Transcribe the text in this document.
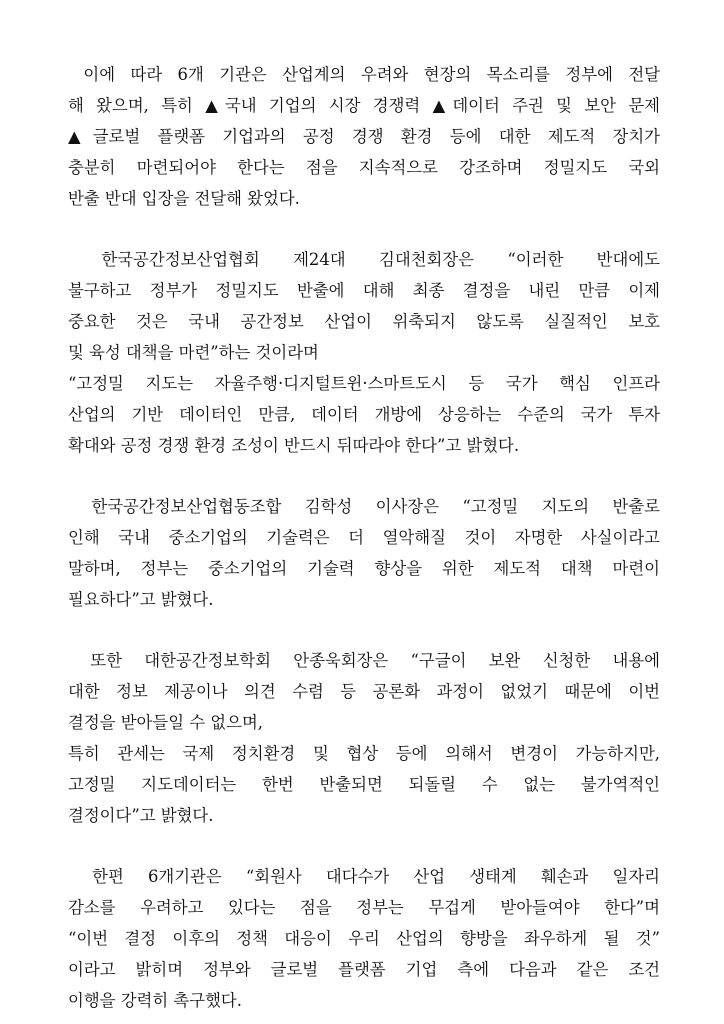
이에 따라 6개 기관은 산업계의 우려와 현장의 목소리를 정부에 전달
해 왔으며, 특히 ▲국내 기업의 시장 경쟁력 ▲데이터 주권 및 보안 문제
▲글로벌 플랫폼 기업과의 공정 경쟁 환경 등에 대한 제도적 장치가
충분히 마련되어야 한다는 점을 지속적으로 강조하며 정밀지도 국외
반출 반대 입장을 전달해 왔었다.
한국공간정보산업협회 제24대 김대천회장은 “이러한 반대에도
불구하고 정부가 정밀지도 반출에 대해 최종 결정을 내린 만큼 이제
중요한 것은 국내 공간정보 산업이 위축되지 않도록 실질적인 보호
및 육성 대책을 마련”하는 것이라며
“고정밀 지도는 자율주행·디지털트윈·스마트도시 등 국가 핵심 인프라
산업의 기반 데이터인 만큼, 데이터 개방에 상응하는 수준의 국가 투자
확대와 공정 경쟁 환경 조성이 반드시 뒤따라야 한다”고 밝혔다.
한국공간정보산업협동조합 김학성 이사장은 “고정밀 지도의 반출로
인해 국내 중소기업의 기술력은 더 열악해질 것이 자명한 사실이라고
말하며, 정부는 중소기업의 기술력 향상을 위한 제도적 대책 마련이
필요하다”고 밝혔다.
또한 대한공간정보학회 안종욱회장은 “구글이 보완 신청한 내용에
대한 정보 제공이나 의견 수렴 등 공론화 과정이 없었기 때문에 이번
결정을 받아들일 수 없으며,
특히 관세는 국제 정치환경 및 협상 등에 의해서 변경이 가능하지만,
고정밀 지도데이터는 한번 반출되면 되돌릴 수 없는 불가역적인
결정이다”고 밝혔다.
한편 6개기관은 “회원사 대다수가 산업 생태계 훼손과 일자리
감소를 우려하고 있다는 점을 정부는 무겁게 받아들여야 한다”며
“이번 결정 이후의 정책 대응이 우리 산업의 향방을 좌우하게 될 것”
이라고 밝히며 정부와 글로벌 플랫폼 기업 측에 다음과 같은 조건
이행을 강력히 촉구했다.
